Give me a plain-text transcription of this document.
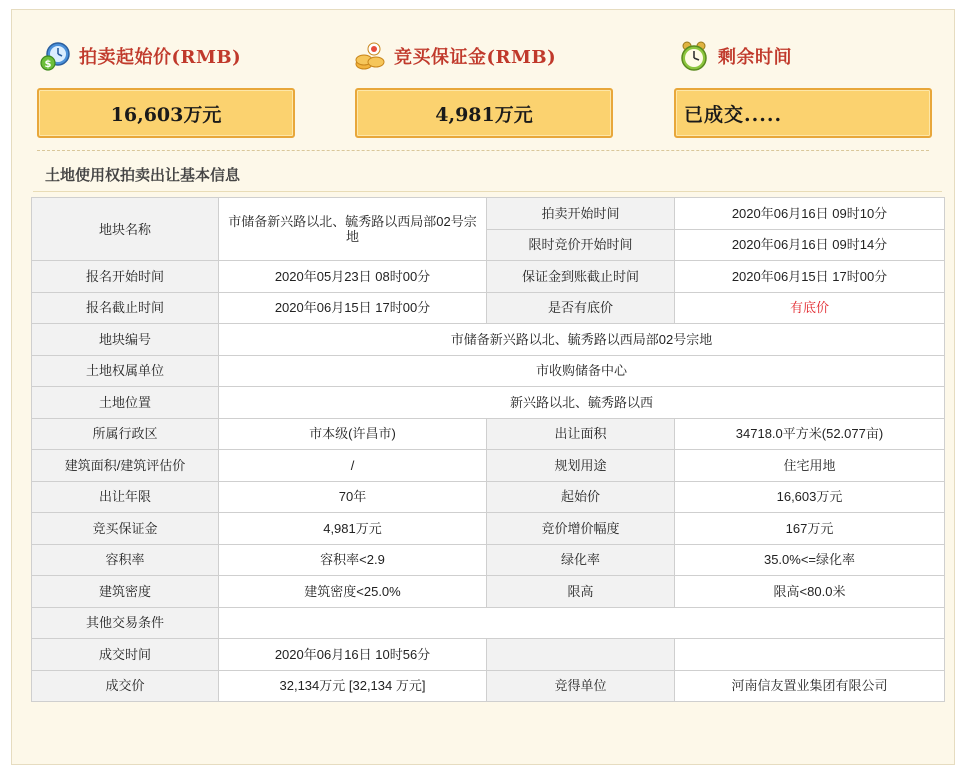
$ 拍卖起始价(RMB)
16,603万元
竞买保证金(RMB)
4,981万元
剩余时间
已成交.....
土地使用权拍卖出让基本信息
地块名称	市储备新兴路以北、毓秀路以西局部02号宗地	拍卖开始时间	2020年06月16日 09时10分
		限时竞价开始时间	2020年06月16日 09时14分
报名开始时间	2020年05月23日 08时00分	保证金到账截止时间	2020年06月15日 17时00分
报名截止时间	2020年06月15日 17时00分	是否有底价	有底价
地块编号	市储备新兴路以北、毓秀路以西局部02号宗地		
土地权属单位	市收购储备中心		
土地位置	新兴路以北、毓秀路以西		
所属行政区	市本级(许昌市)	出让面积	34718.0平方米(52.077亩)
建筑面积/建筑评估价	/	规划用途	住宅用地
出让年限	70年	起始价	16,603万元
竞买保证金	4,981万元	竞价增价幅度	167万元
容积率	容积率<2.9	绿化率	35.0%<=绿化率
建筑密度	建筑密度<25.0%	限高	限高<80.0米
其他交易条件			
成交时间	2020年06月16日 10时56分		
成交价	32,134万元 [32,134 万元]	竞得单位	河南信友置业集团有限公司
